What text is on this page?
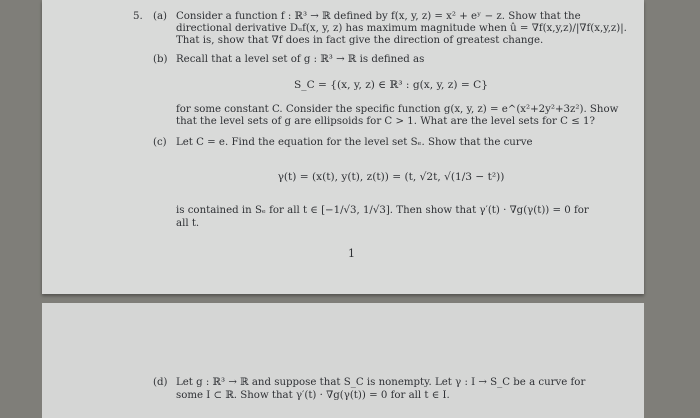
5. (a) Consider a function f : ℝ³ → ℝ defined by f(x, y, z) = x² + eʸ − z. Show that the
directional derivative Dᵤf(x, y, z) has maximum magnitude when û = ∇f(x,y,z)/|∇f(x,y,z)|.
That is, show that ∇f does in fact give the direction of greatest change.
(b) Recall that a level set of g : ℝ³ → ℝ is defined as
S_C = {(x, y, z) ∈ ℝ³ : g(x, y, z) = C}
for some constant C. Consider the specific function g(x, y, z) = e^(x²+2y²+3z²). Show
that the level sets of g are ellipsoids for C > 1. What are the level sets for C ≤ 1?
(c) Let C = e. Find the equation for the level set Sₑ. Show that the curve
γ(t) = (x(t), y(t), z(t)) = (t, √2t, √(1/3 − t²))
is contained in Sₑ for all t ∈ [−1/√3, 1/√3]. Then show that γ′(t) · ∇g(γ(t)) = 0 for
all t.
1
(d) Let g : ℝ³ → ℝ and suppose that S_C is nonempty. Let γ : I → S_C be a curve for
some I ⊂ ℝ. Show that γ′(t) · ∇g(γ(t)) = 0 for all t ∈ I.
